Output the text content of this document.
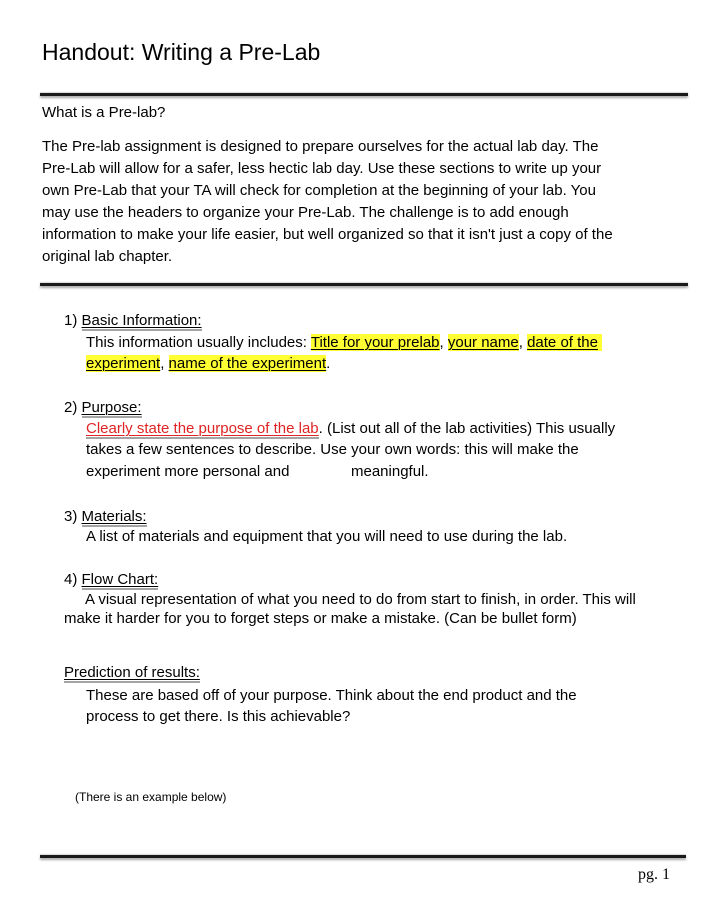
Handout: Writing a Pre-Lab
What is a Pre-lab?
The Pre-lab assignment is designed to prepare ourselves for the actual lab day. The
Pre-Lab will allow for a safer, less hectic lab day. Use these sections to write up your
own Pre-Lab that your TA will check for completion at the beginning of your lab. You
may use the headers to organize your Pre-Lab. The challenge is to add enough
information to make your life easier, but well organized so that it isn't just a copy of the
original lab chapter.
1) Basic Information:
This information usually includes: Title for your prelab, your name, date of the
experiment, name of the experiment.
2) Purpose:
Clearly state the purpose of the lab. (List out all of the lab activities) This usually
takes a few sentences to describe. Use your own words: this will make the
experiment more personal and	meaningful.
3) Materials:
A list of materials and equipment that you will need to use during the lab.
4) Flow Chart:
A visual representation of what you need to do from start to finish, in order. This will
make it harder for you to forget steps or make a mistake. (Can be bullet form)
Prediction of results:
These are based off of your purpose. Think about the end product and the
process to get there. Is this achievable?
(There is an example below)
pg. 1
